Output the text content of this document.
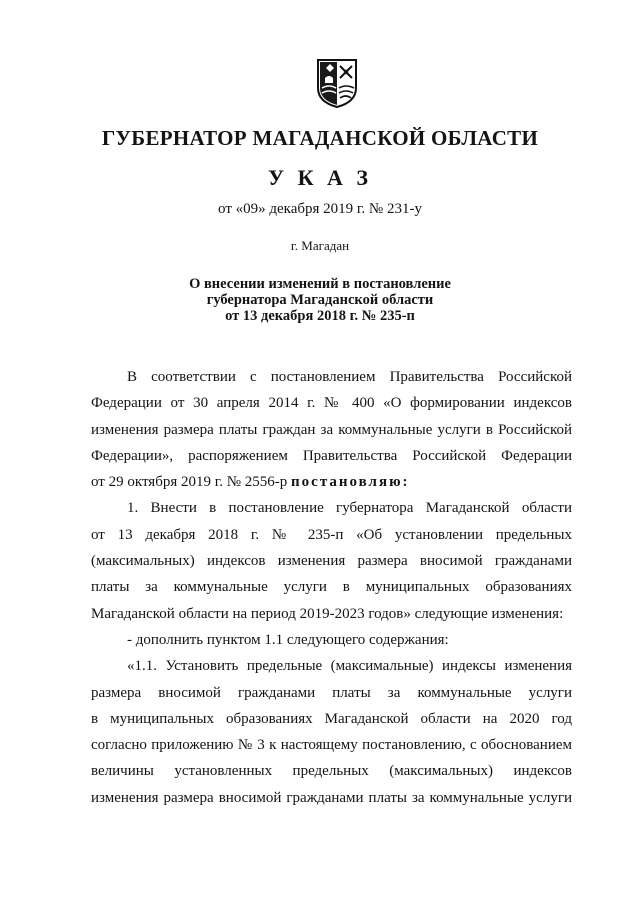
ГУБЕРНАТОР МАГАДАНСКОЙ ОБЛАСТИ
У К А З
от «09» декабря 2019 г. № 231-у
г. Магадан
О внесении изменений в постановление
губернатора Магаданской области
от 13 декабря 2018 г. № 235-п
В соответствии с постановлением Правительства Российской
Федерации от 30 апреля 2014 г. № 400 «О формировании индексов
изменения размера платы граждан за коммунальные услуги в Российской
Федерации», распоряжением Правительства Российской Федерации
от 29 октября 2019 г. № 2556-р постановляю:
1. Внести в постановление губернатора Магаданской области
от 13 декабря 2018 г. № 235-п «Об установлении предельных
(максимальных) индексов изменения размера вносимой гражданами
платы за коммунальные услуги в муниципальных образованиях
Магаданской области на период 2019-2023 годов» следующие изменения:
- дополнить пунктом 1.1 следующего содержания:
«1.1. Установить предельные (максимальные) индексы изменения
размера вносимой гражданами платы за коммунальные услуги
в муниципальных образованиях Магаданской области на 2020 год
согласно приложению № 3 к настоящему постановлению, с обоснованием
величины установленных предельных (максимальных) индексов
изменения размера вносимой гражданами платы за коммунальные услуги
